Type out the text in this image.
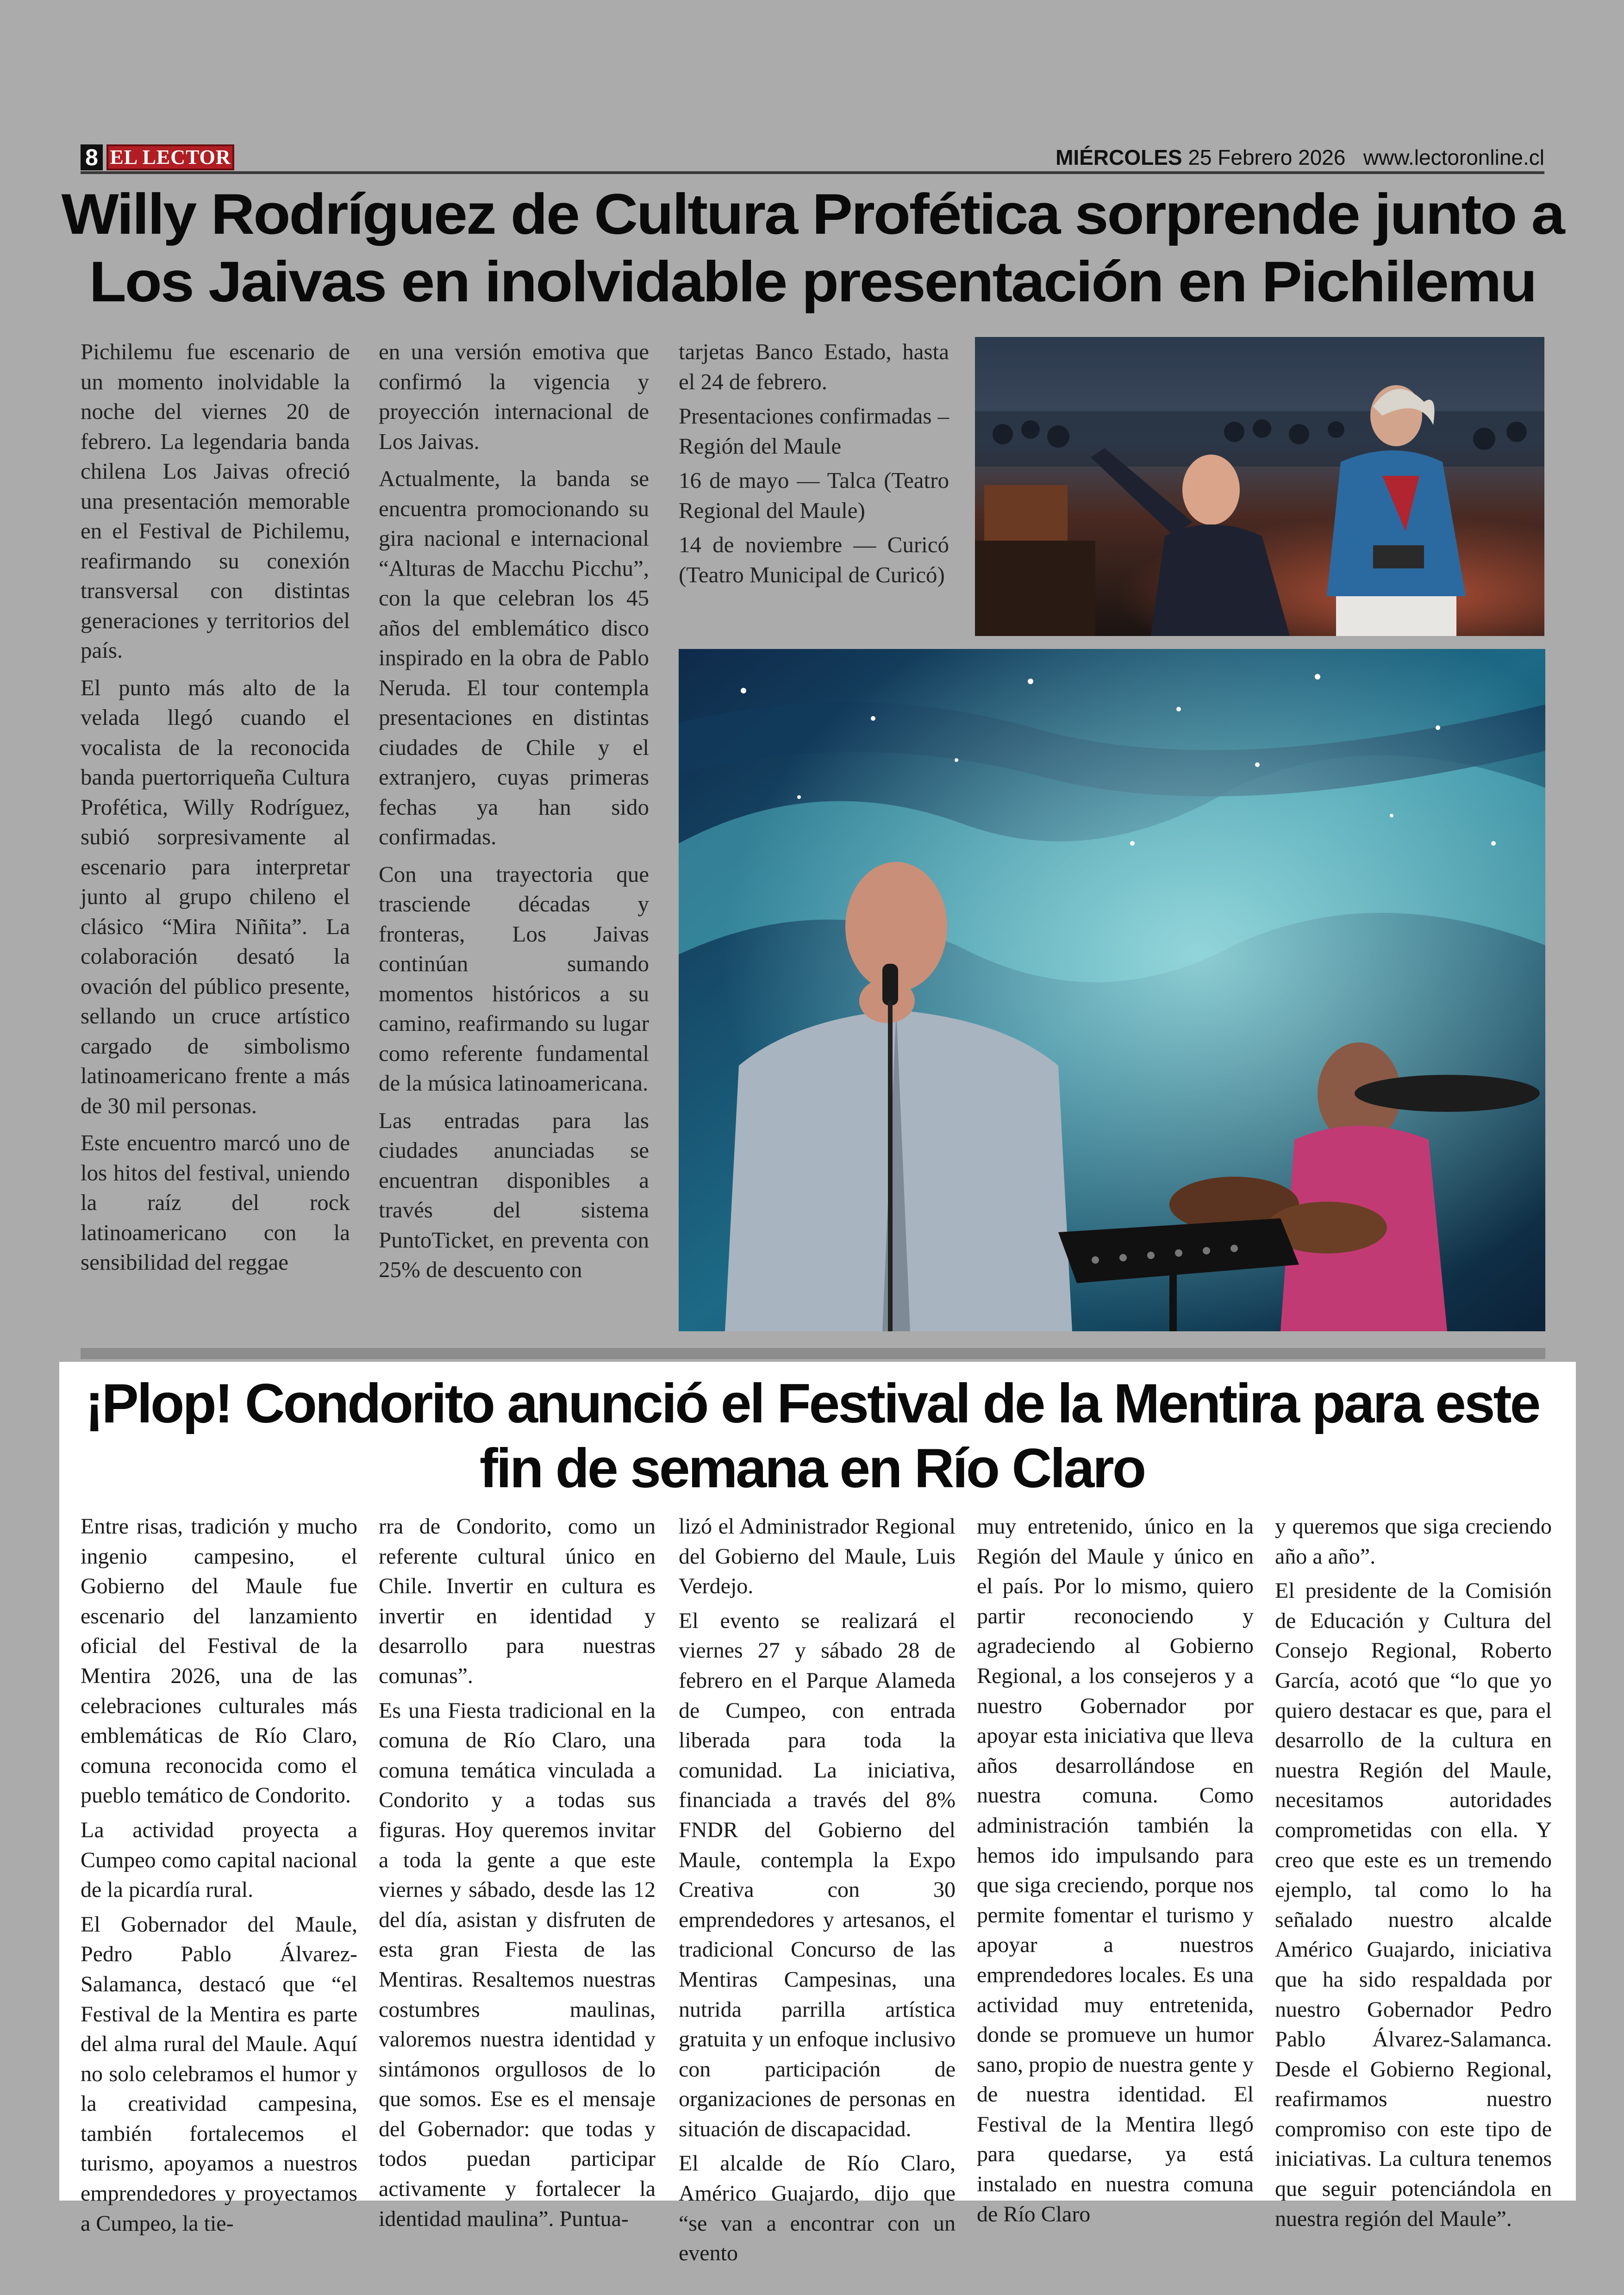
8 EL LECTOR	MIÉRCOLES 25 Febrero 2026 www.lectoronline.cl
Willy Rodríguez de Cultura Profética sorprende junto a Los Jaivas en inolvidable presentación en Pichilemu

Pichilemu fue escenario de un momento inolvidable la noche del viernes 20 de febrero. La legendaria banda chilena Los Jaivas ofreció una presentación memorable en el Festival de Pichilemu, reafirmando su conexión transversal con distintas generaciones y territorios del país.

El punto más alto de la velada llegó cuando el vocalista de la reconocida banda puertorriqueña Cultura Profética, Willy Rodríguez, subió sorpresivamente al escenario para interpretar junto al grupo chileno el clásico “Mira Niñita”. La colaboración desató la ovación del público presente, sellando un cruce artístico cargado de simbolismo latinoamericano frente a más de 30 mil personas.

Este encuentro marcó uno de los hitos del festival, uniendo la raíz del rock latinoamericano con la sensibilidad del reggae

en una versión emotiva que confirmó la vigencia y proyección internacional de Los Jaivas.

Actualmente, la banda se encuentra promocionando su gira nacional e internacional “Alturas de Macchu Picchu”, con la que celebran los 45 años del emblemático disco inspirado en la obra de Pablo Neruda. El tour contempla presentaciones en distintas ciudades de Chile y el extranjero, cuyas primeras fechas ya han sido confirmadas.

Con una trayectoria que trasciende décadas y fronteras, Los Jaivas continúan sumando momentos históricos a su camino, reafirmando su lugar como referente fundamental de la música latinoamericana.

Las entradas para las ciudades anunciadas se encuentran disponibles a través del sistema PuntoTicket, en preventa con 25% de descuento con

tarjetas Banco Estado, hasta el 24 de febrero.

Presentaciones confirmadas – Región del Maule

16 de mayo — Talca (Teatro Regional del Maule)

14 de noviembre — Curicó (Teatro Municipal de Curicó)

¡Plop! Condorito anunció el Festival de la Mentira para este fin de semana en Río Claro

Entre risas, tradición y mucho ingenio campesino, el Gobierno del Maule fue escenario del lanzamiento oficial del Festival de la Mentira 2026, una de las celebraciones culturales más emblemáticas de Río Claro, comuna reconocida como el pueblo temático de Condorito.

La actividad proyecta a Cumpeo como capital nacional de la picardía rural.

El Gobernador del Maule, Pedro Pablo Álvarez-Salamanca, destacó que “el Festival de la Mentira es parte del alma rural del Maule. Aquí no solo celebramos el humor y la creatividad campesina, también fortalecemos el turismo, apoyamos a nuestros emprendedores y proyectamos a Cumpeo, la tie-

rra de Condorito, como un referente cultural único en Chile. Invertir en cultura es invertir en identidad y desarrollo para nuestras comunas”.

Es una Fiesta tradicional en la comuna de Río Claro, una comuna temática vinculada a Condorito y a todas sus figuras. Hoy queremos invitar a toda la gente a que este viernes y sábado, desde las 12 del día, asistan y disfruten de esta gran Fiesta de las Mentiras. Resaltemos nuestras costumbres maulinas, valoremos nuestra identidad y sintámonos orgullosos de lo que somos. Ese es el mensaje del Gobernador: que todas y todos puedan participar activamente y fortalecer la identidad maulina”. Puntua-

lizó el Administrador Regional del Gobierno del Maule, Luis Verdejo.

El evento se realizará el viernes 27 y sábado 28 de febrero en el Parque Alameda de Cumpeo, con entrada liberada para toda la comunidad. La iniciativa, financiada a través del 8% FNDR del Gobierno del Maule, contempla la Expo Creativa con 30 emprendedores y artesanos, el tradicional Concurso de las Mentiras Campesinas, una nutrida parrilla artística gratuita y un enfoque inclusivo con participación de organizaciones de personas en situación de discapacidad.

El alcalde de Río Claro, Américo Guajardo, dijo que “se van a encontrar con un evento

muy entretenido, único en la Región del Maule y único en el país. Por lo mismo, quiero partir reconociendo y agradeciendo al Gobierno Regional, a los consejeros y a nuestro Gobernador por apoyar esta iniciativa que lleva años desarrollándose en nuestra comuna. Como administración también la hemos ido impulsando para que siga creciendo, porque nos permite fomentar el turismo y apoyar a nuestros emprendedores locales. Es una actividad muy entretenida, donde se promueve un humor sano, propio de nuestra gente y de nuestra identidad. El Festival de la Mentira llegó para quedarse, ya está instalado en nuestra comuna de Río Claro

y queremos que siga creciendo año a año”.

El presidente de la Comisión de Educación y Cultura del Consejo Regional, Roberto García, acotó que “lo que yo quiero destacar es que, para el desarrollo de la cultura en nuestra Región del Maule, necesitamos autoridades comprometidas con ella. Y creo que este es un tremendo ejemplo, tal como lo ha señalado nuestro alcalde Américo Guajardo, iniciativa que ha sido respaldada por nuestro Gobernador Pedro Pablo Álvarez-Salamanca. Desde el Gobierno Regional, reafirmamos nuestro compromiso con este tipo de iniciativas. La cultura tenemos que seguir potenciándola en nuestra región del Maule”.
